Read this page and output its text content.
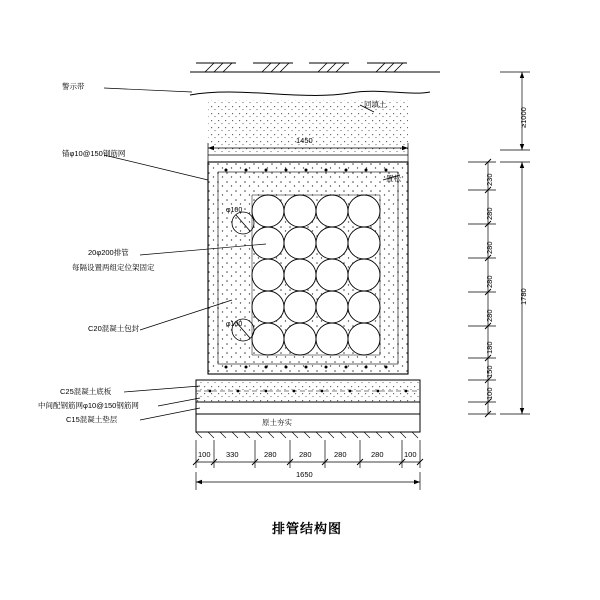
警示带
回填土
锚φ10@150钢筋网
20φ200排管
每隔设置两组定位架固定
C20混凝土包封
C25混凝土底板
中间配钢筋网φ10@150钢筋网
C15混凝土垫层	原土夯实
置松
φ100
φ100
1450
100 330	280	280	280	280	100
1650
230
280
280
280
280
180
150
100
1780
≥1000
排管结构图
